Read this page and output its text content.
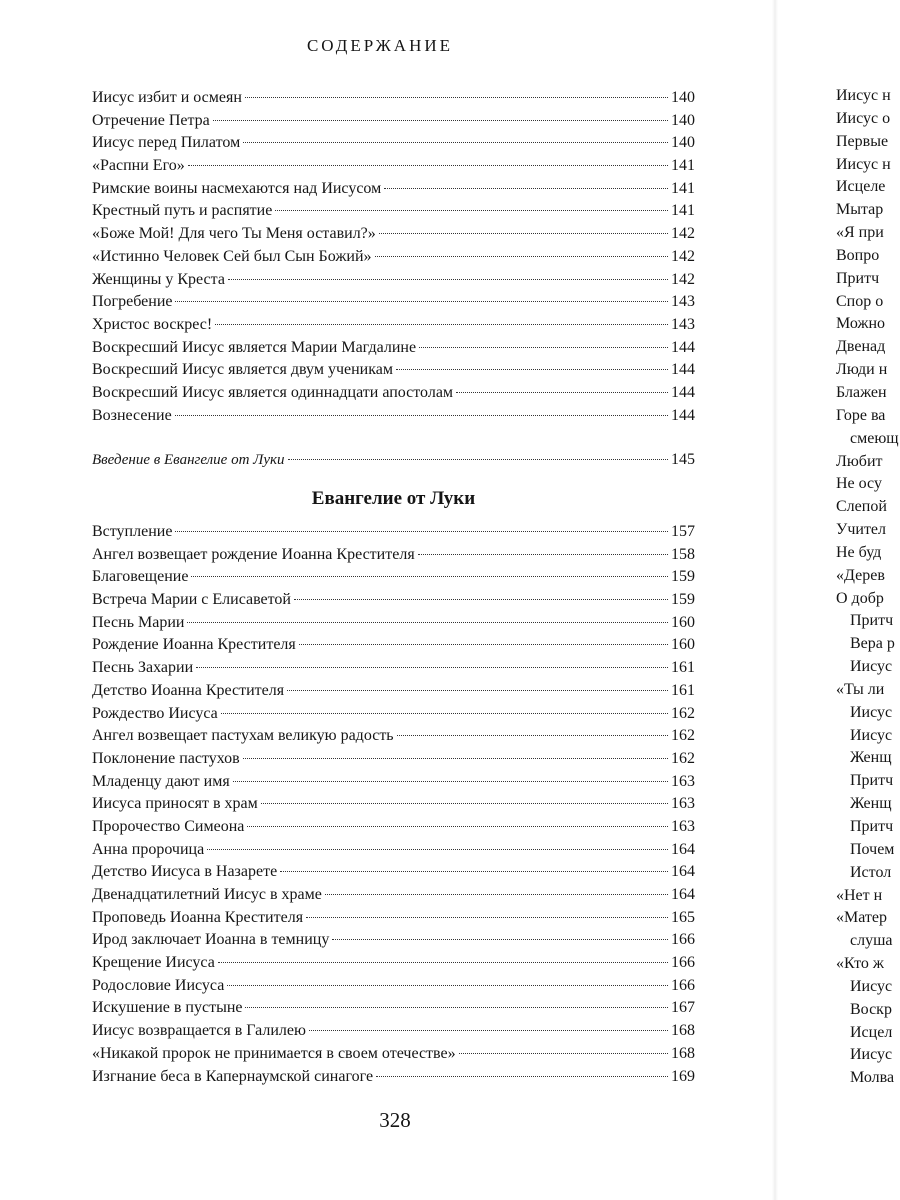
СОДЕРЖАНИЕ
Иисус избит и осмеян	140
Отречение Петра	140
Иисус перед Пилатом	140
«Распни Его»	141
Римские воины насмехаются над Иисусом	141
Крестный путь и распятие	141
«Боже Мой! Для чего Ты Меня оставил?»	142
«Истинно Человек Сей был Сын Божий»	142
Женщины у Креста	142
Погребение	143
Христос воскрес!	143
Воскресший Иисус является Марии Магдалине	144
Воскресший Иисус является двум ученикам	144
Воскресший Иисус является одиннадцати апостолам	144
Вознесение	144
Введение в Евангелие от Луки	145
Евангелие от Луки
Вступление	157
Ангел возвещает рождение Иоанна Крестителя	158
Благовещение	159
Встреча Марии с Елисаветой	159
Песнь Марии	160
Рождение Иоанна Крестителя	160
Песнь Захарии	161
Детство Иоанна Крестителя	161
Рождество Иисуса	162
Ангел возвещает пастухам великую радость	162
Поклонение пастухов	162
Младенцу дают имя	163
Иисуса приносят в храм	163
Пророчество Симеона	163
Анна пророчица	164
Детство Иисуса в Назарете	164
Двенадцатилетний Иисус в храме	164
Проповедь Иоанна Крестителя	165
Ирод заключает Иоанна в темницу	166
Крещение Иисуса	166
Родословие Иисуса	166
Искушение в пустыне	167
Иисус возвращается в Галилею	168
«Никакой пророк не принимается в своем отечестве»	168
Изгнание беса в Капернаумской синагоге	169
328
Иисус н
Иисус о
Первые
Иисус н
Исцеле
Мытар
«Я при
Вопро
Притч
Спор о
Можно
Двенад
Люди н
Блажен
Горе ва
смеющ
Любит
Не осу
Слепой
Учител
Не буд
«Дерев
О добр
Притч
Вера р
Иисус
«Ты ли
Иисус
Иисус
Женщ
Притч
Женщ
Притч
Почем
Истол
«Нет н
«Матер
слуша
«Кто ж
Иисус
Воскр
Исцел
Иисус
Молва
